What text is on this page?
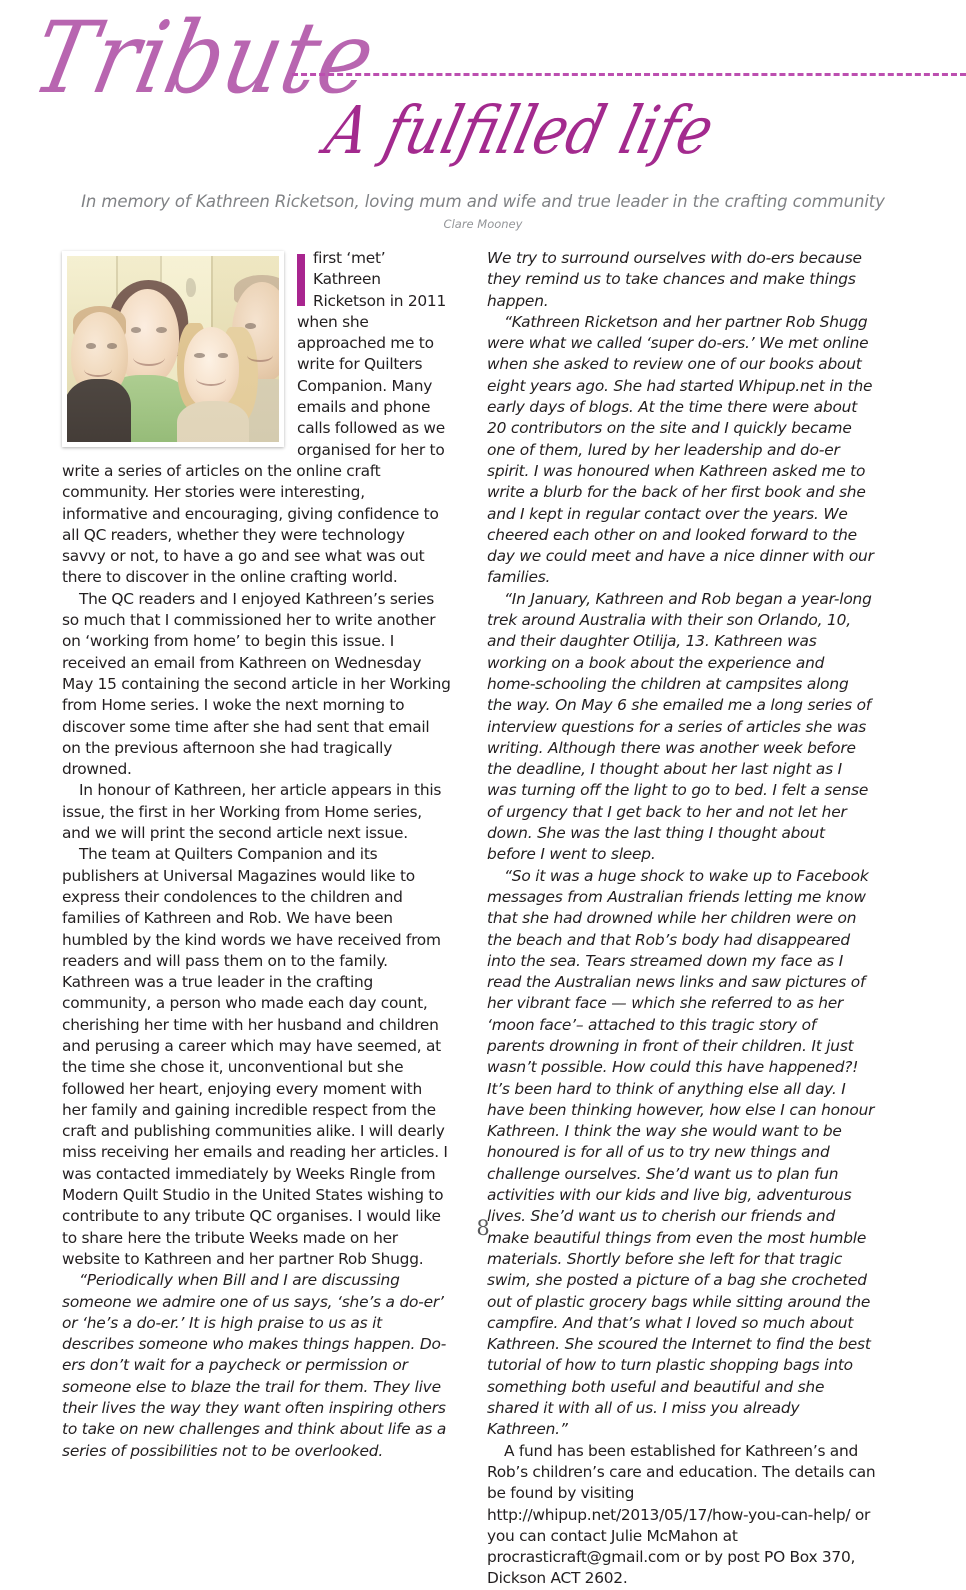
Tribute
A fulfilled life
In memory of Kathreen Ricketson, loving mum and wife and true leader in the crafting community
Clare Mooney

first ‘met’ Kathreen Ricketson in 2011 when she approached me to write for Quilters Companion. Many emails and phone calls followed as we organised for her to write a series of articles on the online craft community. Her stories were interesting, informative and encouraging, giving confidence to all QC readers, whether they were technology savvy or not, to have a go and see what was out there to discover in the online crafting world.

The QC readers and I enjoyed Kathreen’s series so much that I commissioned her to write another on ‘working from home’ to begin this issue. I received an email from Kathreen on Wednesday May 15 containing the second article in her Working from Home series. I woke the next morning to discover some time after she had sent that email on the previous afternoon she had tragically drowned.

In honour of Kathreen, her article appears in this issue, the first in her Working from Home series, and we will print the second article next issue.

The team at Quilters Companion and its publishers at Universal Magazines would like to express their condolences to the children and families of Kathreen and Rob. We have been humbled by the kind words we have received from readers and will pass them on to the family. Kathreen was a true leader in the crafting community, a person who made each day count, cherishing her time with her husband and children and perusing a career which may have seemed, at the time she chose it, unconventional but she followed her heart, enjoying every moment with her family and gaining incredible respect from the craft and publishing communities alike. I will dearly miss receiving her emails and reading her articles. I was contacted immediately by Weeks Ringle from Modern Quilt Studio in the United States wishing to contribute to any tribute QC organises. I would like to share here the tribute Weeks made on her website to Kathreen and her partner Rob Shugg.

“Periodically when Bill and I are discussing someone we admire one of us says, ‘she’s a do-er’ or ‘he’s a do-er.’ It is high praise to us as it describes someone who makes things happen. Do-ers don’t wait for a paycheck or permission or someone else to blaze the trail for them. They live their lives the way they want often inspiring others to take on new challenges and think about life as a series of possibilities not to be overlooked.

We try to surround ourselves with do-ers because they remind us to take chances and make things happen.

“Kathreen Ricketson and her partner Rob Shugg were what we called ‘super do-ers.’ We met online when she asked to review one of our books about eight years ago. She had started Whipup.net in the early days of blogs. At the time there were about 20 contributors on the site and I quickly became one of them, lured by her leadership and do-er spirit. I was honoured when Kathreen asked me to write a blurb for the back of her first book and she and I kept in regular contact over the years. We cheered each other on and looked forward to the day we could meet and have a nice dinner with our families.

“In January, Kathreen and Rob began a year-long trek around Australia with their son Orlando, 10, and their daughter Otilija, 13. Kathreen was working on a book about the experience and home-schooling the children at campsites along the way. On May 6 she emailed me a long series of interview questions for a series of articles she was writing. Although there was another week before the deadline, I thought about her last night as I was turning off the light to go to bed. I felt a sense of urgency that I get back to her and not let her down. She was the last thing I thought about before I went to sleep.

“So it was a huge shock to wake up to Facebook messages from Australian friends letting me know that she had drowned while her children were on the beach and that Rob’s body had disappeared into the sea. Tears streamed down my face as I read the Australian news links and saw pictures of her vibrant face — which she referred to as her ‘moon face’– attached to this tragic story of parents drowning in front of their children. It just wasn’t possible. How could this have happened?! It’s been hard to think of anything else all day. I have been thinking however, how else I can honour Kathreen. I think the way she would want to be honoured is for all of us to try new things and challenge ourselves. She’d want us to plan fun activities with our kids and live big, adventurous lives. She’d want us to cherish our friends and make beautiful things from even the most humble materials. Shortly before she left for that tragic swim, she posted a picture of a bag she crocheted out of plastic grocery bags while sitting around the campfire. And that’s what I loved so much about Kathreen. She scoured the Internet to find the best tutorial of how to turn plastic shopping bags into something both useful and beautiful and she shared it with all of us. I miss you already Kathreen.”

A fund has been established for Kathreen’s and Rob’s children’s care and education. The details can be found by visiting http://whipup.net/2013/05/17/how-you-can-help/ or you can contact Julie McMahon at procrasticraft@gmail.com or by post PO Box 370, Dickson ACT 2602.

8
